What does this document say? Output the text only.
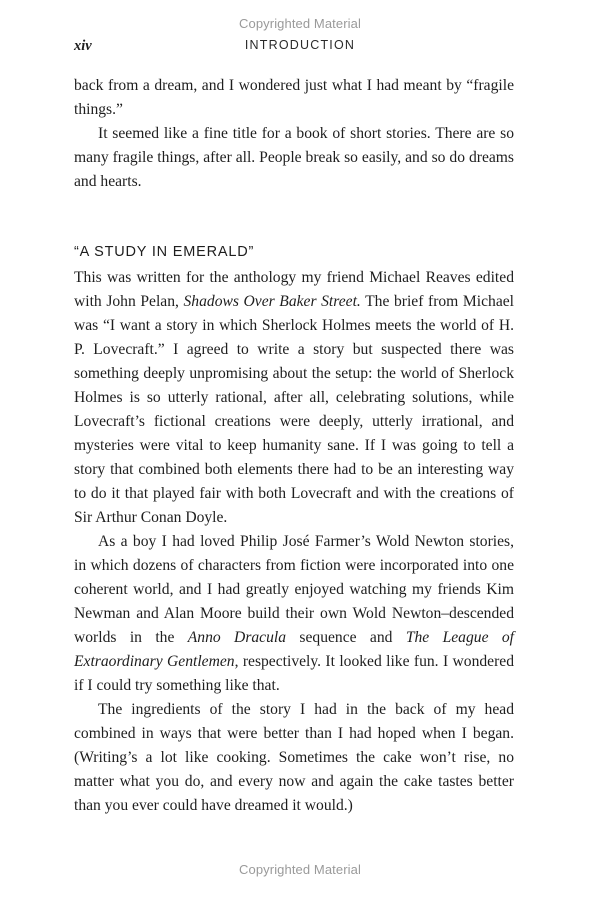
Copyrighted Material
xiv	INTRODUCTION

back from a dream, and I wondered just what I had meant by “fragile things.”

It seemed like a fine title for a book of short stories. There are so many fragile things, after all. People break so easily, and so do dreams and hearts.

“A STUDY IN EMERALD”

This was written for the anthology my friend Michael Reaves edited with John Pelan, Shadows Over Baker Street. The brief from Michael was “I want a story in which Sherlock Holmes meets the world of H. P. Lovecraft.” I agreed to write a story but suspected there was something deeply unpromising about the setup: the world of Sherlock Holmes is so utterly rational, after all, celebrating solutions, while Lovecraft’s fictional creations were deeply, utterly irrational, and mysteries were vital to keep humanity sane. If I was going to tell a story that combined both elements there had to be an interesting way to do it that played fair with both Lovecraft and with the creations of Sir Arthur Conan Doyle.

As a boy I had loved Philip José Farmer’s Wold Newton stories, in which dozens of characters from fiction were incorporated into one coherent world, and I had greatly enjoyed watching my friends Kim Newman and Alan Moore build their own Wold Newton–descended worlds in the Anno Dracula sequence and The League of Extraordinary Gentlemen, respectively. It looked like fun. I wondered if I could try something like that.

The ingredients of the story I had in the back of my head combined in ways that were better than I had hoped when I began. (Writing’s a lot like cooking. Sometimes the cake won’t rise, no matter what you do, and every now and again the cake tastes better than you ever could have dreamed it would.)

Copyrighted Material
